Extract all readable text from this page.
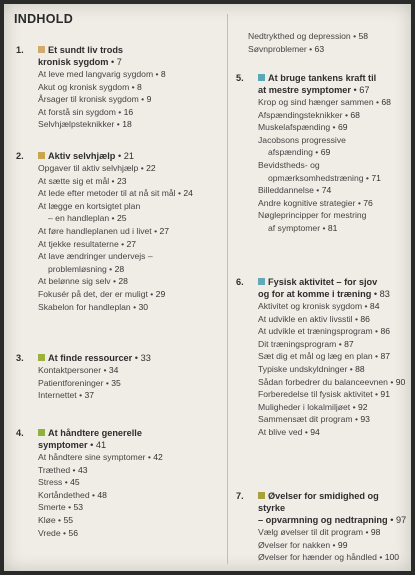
INDHOLD
1.	Et sundt liv trods
kronisk sygdom • 7
At leve med langvarig sygdom • 8
Akut og kronisk sygdom • 8
Årsager til kronisk sygdom • 9
At forstå sin sygdom • 16
Selvhjælpsteknikker • 18
2.	Aktiv selvhjælp • 21
Opgaver til aktiv selvhjælp • 22
At sætte sig et mål • 23
At lede efter metoder til at nå sit mål • 24
At lægge en kortsigtet plan
– en handleplan • 25
At føre handleplanen ud i livet • 27
At tjekke resultaterne • 27
At lave ændringer undervejs –
problemløsning • 28
At belønne sig selv • 28
Fokusér på det, der er muligt • 29
Skabelon for handleplan • 30
3.	At finde ressourcer • 33
Kontaktpersoner • 34
Patientforeninger • 35
Internettet • 37
4.	At håndtere generelle
symptomer • 41
At håndtere sine symptomer • 42
Træthed • 43
Stress • 45
Kortåndethed • 48
Smerte • 53
Kløe • 55
Vrede • 56
Nedtrykthed og depression • 58
Søvnproblemer • 63
5.	At bruge tankens kraft til
at mestre symptomer • 67
Krop og sind hænger sammen • 68
Afspændingsteknikker • 68
Muskelafspænding • 69
Jacobsons progressive
afspænding • 69
Bevidstheds- og
opmærksomhedstræning • 71
Billeddannelse • 74
Andre kognitive strategier • 76
Nøgleprincipper for mestring
af symptomer • 81
6.	Fysisk aktivitet – for sjov
og for at komme i træning • 83
Aktivitet og kronisk sygdom • 84
At udvikle en aktiv livsstil • 86
At udvikle et træningsprogram • 86
Dit træningsprogram • 87
Sæt dig et mål og læg en plan • 87
Typiske undskyldninger • 88
Sådan forbedrer du balanceevnen • 90
Forberedelse til fysisk aktivitet • 91
Muligheder i lokalmiljøet • 92
Sammensæt dit program • 93
At blive ved • 94
7.	Øvelser for smidighed og styrke
– opvarmning og nedtrapning • 97
Vælg øvelser til dit program • 98
Øvelser for nakken • 99
Øvelser for hænder og håndled • 100
